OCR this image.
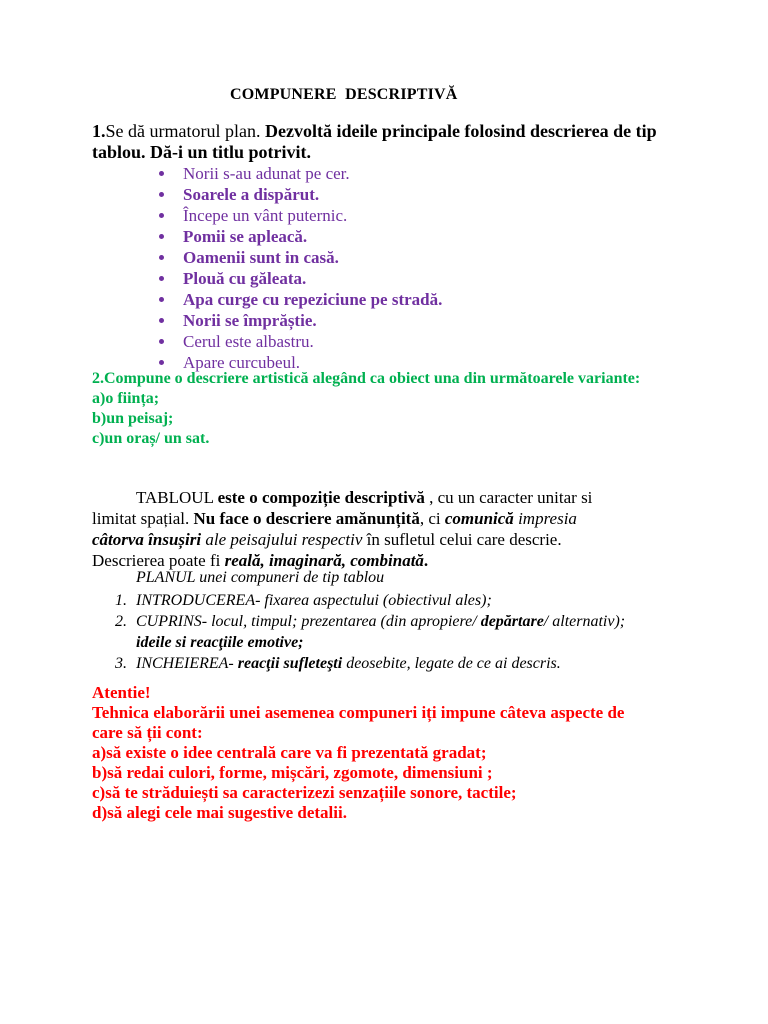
COMPUNERE  DESCRIPTIVĂ
1.Se dă urmatorul plan. Dezvoltă ideile principale folosind descrierea de tip tablou. Dă-i un titlu potrivit.
Norii s-au adunat pe cer.
Soarele a dispărut.
Începe un vânt puternic.
Pomii se apleacă.
Oamenii sunt in casă.
Plouă cu găleata.
Apa curge cu repeziciune pe stradă.
Norii se împrăștie.
Cerul este albastru.
Apare curcubeul.
2.Compune o descriere artistică alegând ca obiect una din următoarele variante:
a)o ființa;
b)un peisaj;
c)un oraș/ un sat.
TABLOUL este o compoziție descriptivă , cu un caracter unitar si limitat spațial. Nu face o descriere amănunțită, ci comunică impresia câtorva însușiri ale peisajului respectiv în sufletul celui care descrie. Descrierea poate fi reală, imaginară, combinată.
PLANUL unei compuneri de tip tablou
1. INTRODUCEREA- fixarea aspectului (obiectivul ales);
2. CUPRINS- locul, timpul; prezentarea (din apropiere/ depărtare/ alternativ); ideile si reacţiile emotive;
3. INCHEIEREA- reacţii sufleteşti deosebite, legate de ce ai descris.
Atentie!
Tehnica elaborării unei asemenea compuneri iți impune câteva aspecte de
care să ții cont:
a)să existe o idee centrală care va fi prezentată gradat;
b)să redai culori, forme, mișcări, zgomote, dimensiuni ;
c)să te străduiești sa caracterizezi senzațiile sonore, tactile;
d)să alegi cele mai sugestive detalii.
